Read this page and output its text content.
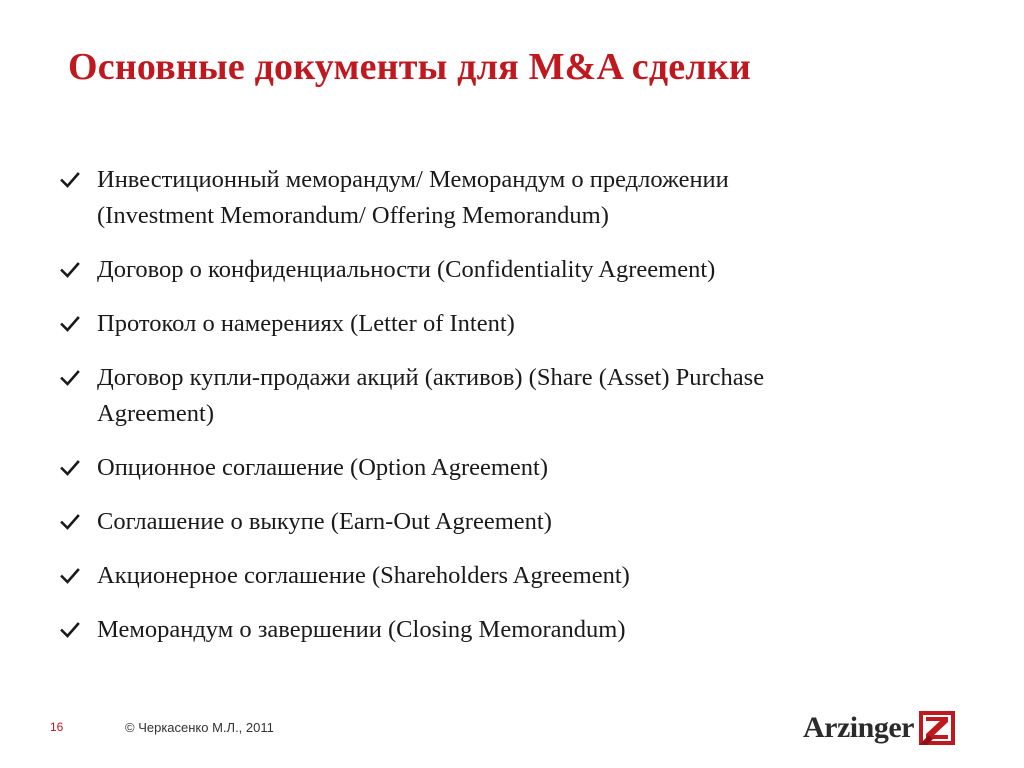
Основные документы для M&A сделки
Инвестиционный меморандум/ Меморандум о предложении
(Investment Memorandum/ Offering Memorandum)
Договор о конфиденциальности (Confidentiality Agreement)
Протокол о намерениях (Letter of Intent)
Договор купли-продажи акций (активов) (Share (Asset) Purchase
Agreement)
Опционное соглашение (Option Agreement)
Соглашение о выкупе (Earn-Out Agreement)
Акционерное соглашение (Shareholders Agreement)
Меморандум о завершении (Closing Memorandum)
16	© Черкасенко М.Л., 2011	Arzinger
